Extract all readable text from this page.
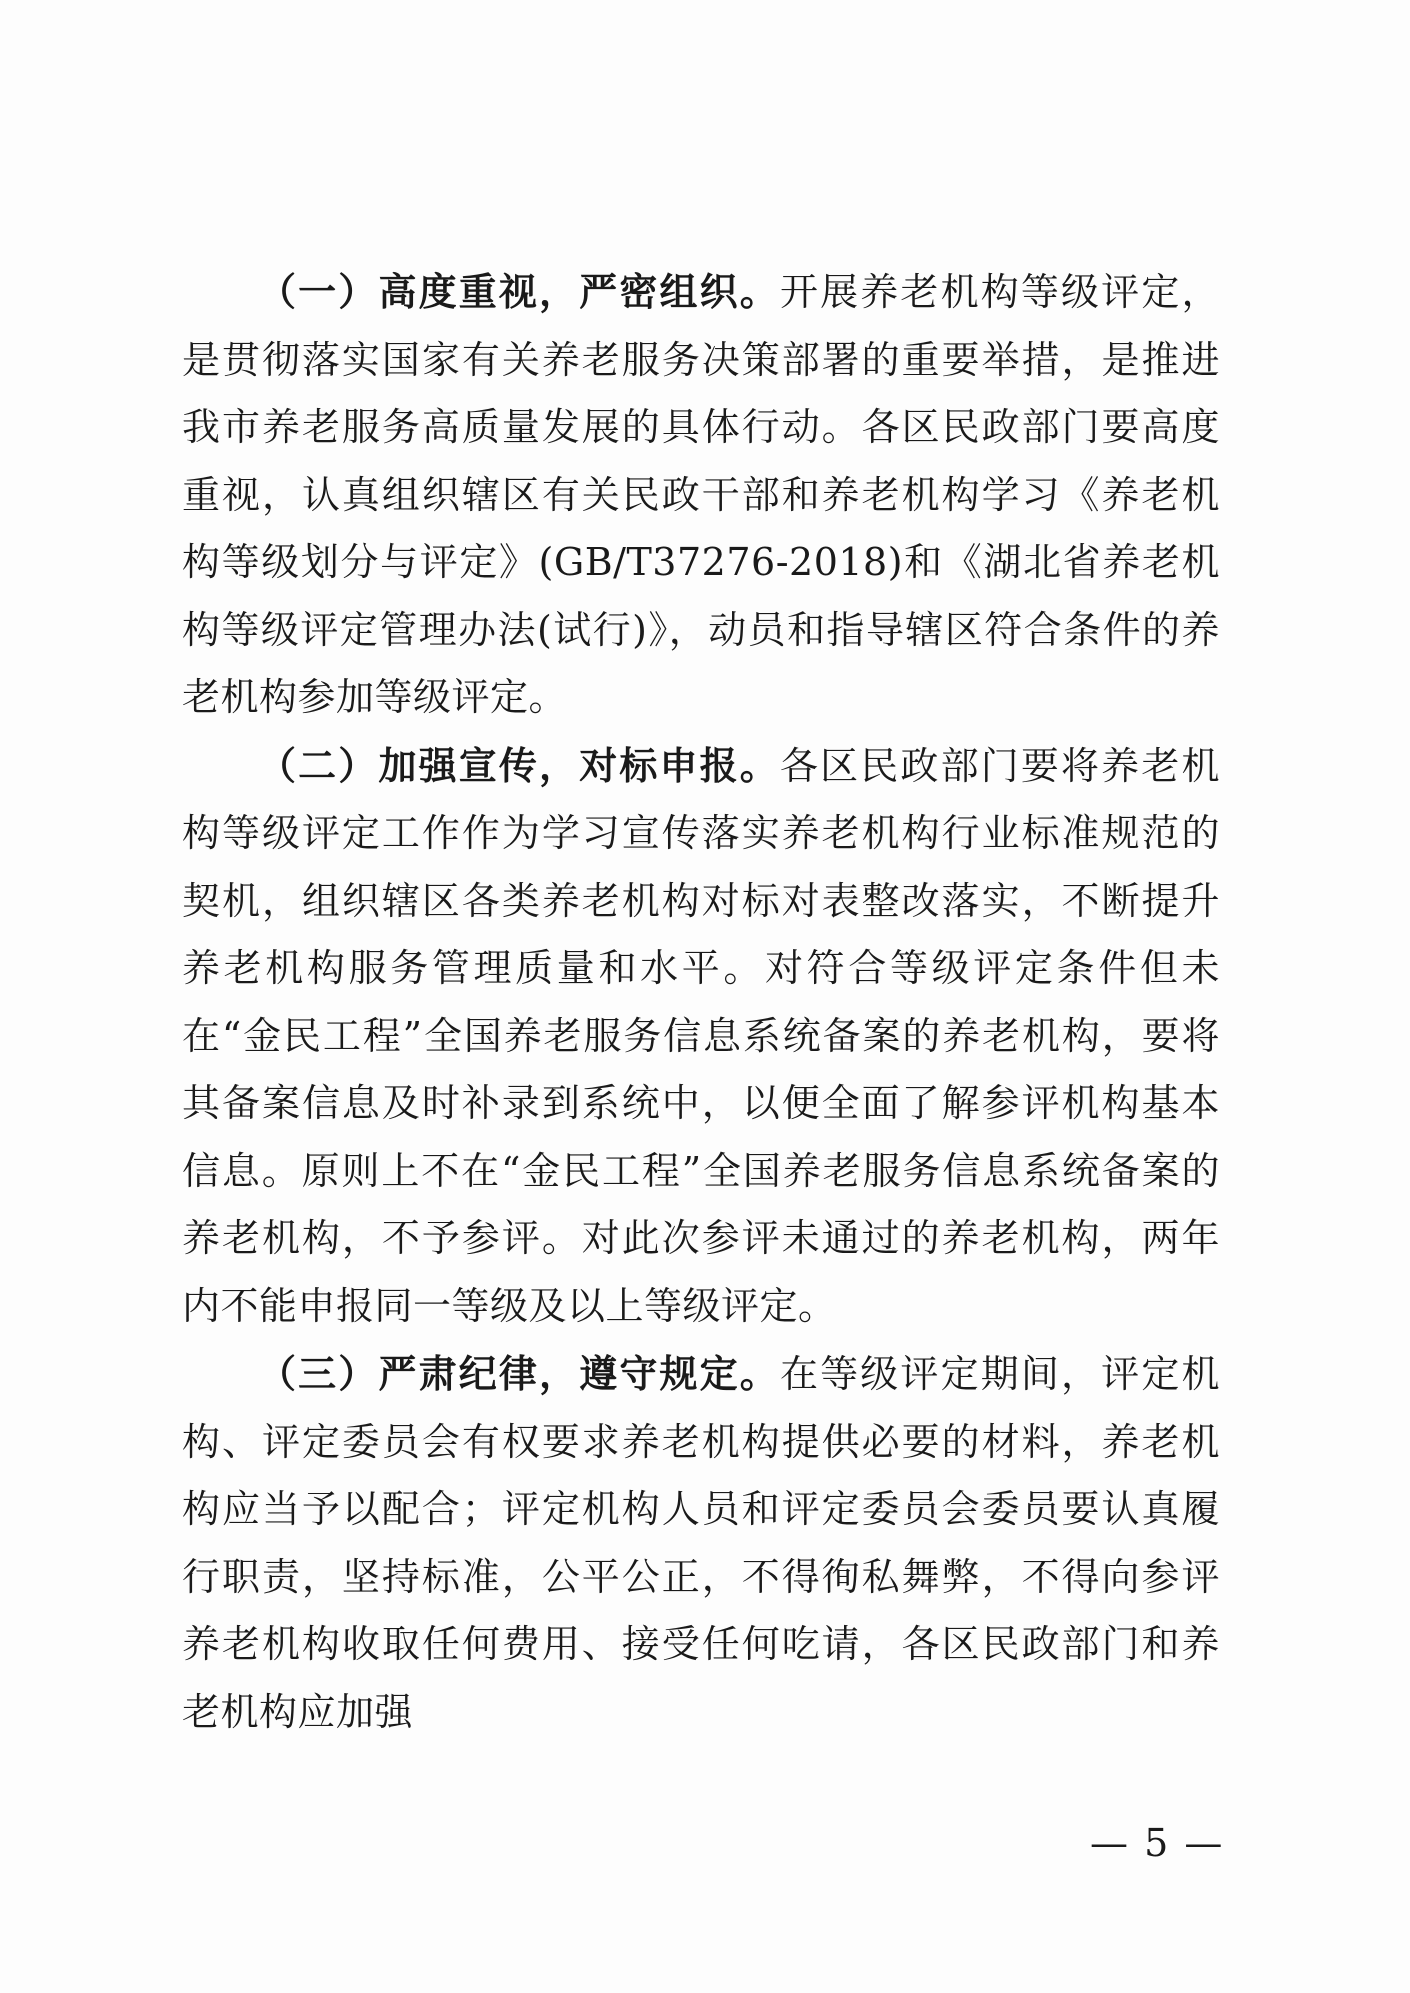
（一）高度重视，严密组织。开展养老机构等级评定，是贯彻落实国家有关养老服务决策部署的重要举措，是推进我市养老服务高质量发展的具体行动。各区民政部门要高度重视，认真组织辖区有关民政干部和养老机构学习《养老机构等级划分与评定》(GB/T37276-2018)和《湖北省养老机构等级评定管理办法(试行)》，动员和指导辖区符合条件的养老机构参加等级评定。

（二）加强宣传，对标申报。各区民政部门要将养老机构等级评定工作作为学习宣传落实养老机构行业标准规范的契机，组织辖区各类养老机构对标对表整改落实，不断提升养老机构服务管理质量和水平。对符合等级评定条件但未在“金民工程”全国养老服务信息系统备案的养老机构，要将其备案信息及时补录到系统中，以便全面了解参评机构基本信息。原则上不在“金民工程”全国养老服务信息系统备案的养老机构，不予参评。对此次参评未通过的养老机构，两年内不能申报同一等级及以上等级评定。

（三）严肃纪律，遵守规定。在等级评定期间，评定机构、评定委员会有权要求养老机构提供必要的材料，养老机构应当予以配合；评定机构人员和评定委员会委员要认真履行职责，坚持标准，公平公正，不得徇私舞弊，不得向参评养老机构收取任何费用、接受任何吃请，各区民政部门和养老机构应加强

— 5 —
